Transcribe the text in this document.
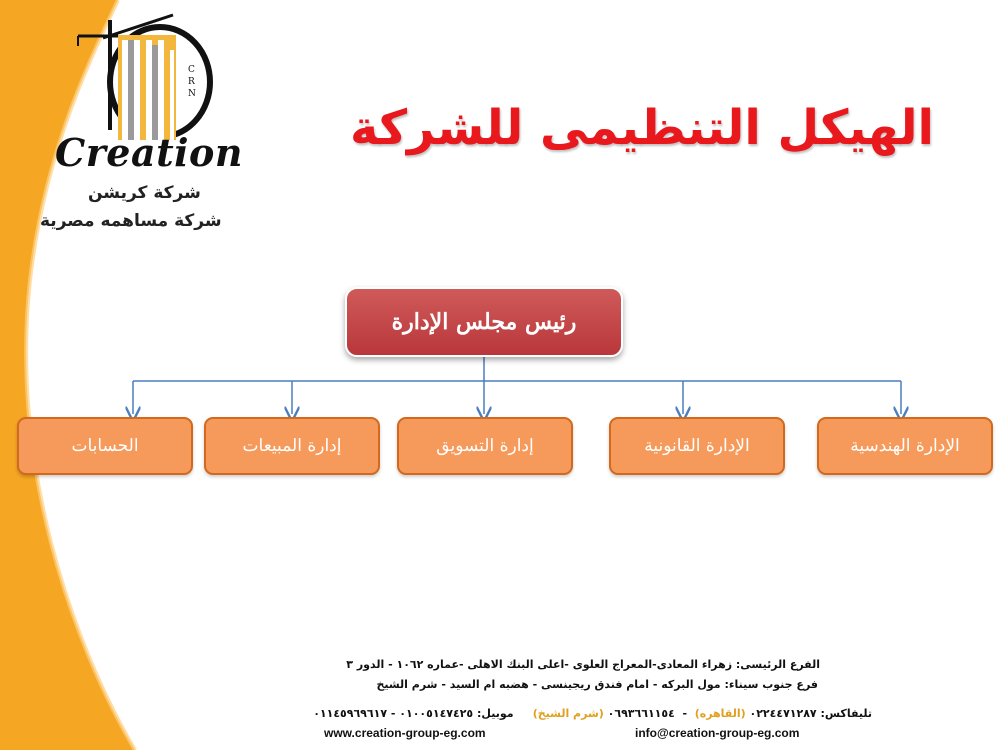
C
R
N
Creation
شركة كريشن
شركة مساهمه مصرية
الهيكل التنظيمى للشركة
رئيس مجلس الإدارة
الإدارة الهندسية
الإدارة القانونية
إدارة التسويق
إدارة المبيعات
الحسابات
الفرع الرئيسى: زهراء المعادى-المعراج العلوى -اعلى البنك الاهلى -عماره ١٠٦٢ - الدور ٣
فرع جنوب سيناء: مول البركه - امام فندق ريجينسى - هضبه ام السيد - شرم الشيخ
تليفاكس: ٠٢٢٤٤٧١٢٨٧ (القاهره)  -  ٠٦٩٣٦٦١١٥٤ (شرم الشيخ)     موبيل: ٠١٠٠٥١٤٧٤٢٥ - ٠١١٤٥٩٦٩٦١٧
info@creation-group-eg.com
www.creation-group-eg.com
